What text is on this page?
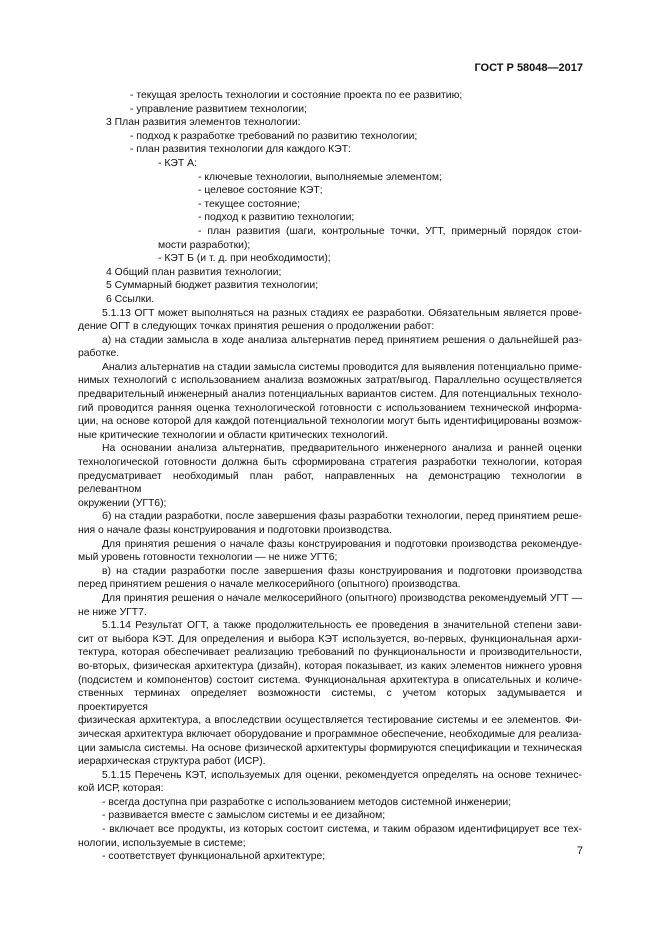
ГОСТ Р 58048—2017
- текущая зрелость технологии и состояние проекта по ее развитию;
- управление развитием технологии;
3 План развития элементов технологии:
- подход к разработке требований по развитию технологии;
- план развития технологии для каждого КЭТ:
- КЭТ А:
- ключевые технологии, выполняемые элементом;
- целевое состояние КЭТ;
- текущее состояние;
- подход к развитию технологии;
- план развития (шаги, контрольные точки, УГТ, примерный порядок стои-
мости разработки);
- КЭТ Б (и т. д. при необходимости);
4 Общий план развития технологии;
5 Суммарный бюджет развития технологии;
6 Ссылки.
5.1.13 ОГТ может выполняться на разных стадиях ее разработки. Обязательным является прове-
дение ОГТ в следующих точках принятия решения о продолжении работ:
а) на стадии замысла в ходе анализа альтернатив перед принятием решения о дальнейшей раз-
работке.
Анализ альтернатив на стадии замысла системы проводится для выявления потенциально приме-
нимых технологий с использованием анализа возможных затрат/выгод. Параллельно осуществляется
предварительный инженерный анализ потенциальных вариантов систем. Для потенциальных техноло-
гий проводится ранняя оценка технологической готовности с использованием технической информа-
ции, на основе которой для каждой потенциальной технологии могут быть идентифицированы возмож-
ные критические технологии и области критических технологий.
На основании анализа альтернатив, предварительного инженерного анализа и ранней оценки
технологической готовности должна быть сформирована стратегия разработки технологии, которая
предусматривает необходимый план работ, направленных на демонстрацию технологии в релевантном
окружении (УГТ6);
б) на стадии разработки, после завершения фазы разработки технологии, перед принятием реше-
ния о начале фазы конструирования и подготовки производства.
Для принятия решения о начале фазы конструирования и подготовки производства рекомендуе-
мый уровень готовности технологии — не ниже УГТ6;
в) на стадии разработки после завершения фазы конструирования и подготовки производства
перед принятием решения о начале мелкосерийного (опытного) производства.
Для принятия решения о начале мелкосерийного (опытного) производства рекомендуемый УГТ —
не ниже УГТ7.
5.1.14 Результат ОГТ, а также продолжительность ее проведения в значительной степени зави-
сит от выбора КЭТ. Для определения и выбора КЭТ используется, во-первых, функциональная архи-
тектура, которая обеспечивает реализацию требований по функциональности и производительности,
во-вторых, физическая архитектура (дизайн), которая показывает, из каких элементов нижнего уровня
(подсистем и компонентов) состоит система. Функциональная архитектура в описательных и количе-
ственных терминах определяет возможности системы, с учетом которых задумывается и проектируется
физическая архитектура, а впоследствии осуществляется тестирование системы и ее элементов. Фи-
зическая архитектура включает оборудование и программное обеспечение, необходимые для реализа-
ции замысла системы. На основе физической архитектуры формируются спецификации и техническая
иерархическая структура работ (ИСР).
5.1.15 Перечень КЭТ, используемых для оценки, рекомендуется определять на основе техничес-
кой ИСР, которая:
- всегда доступна при разработке с использованием методов системной инженерии;
- развивается вместе с замыслом системы и ее дизайном;
- включает все продукты, из которых состоит система, и таким образом идентифицирует все тех-
нологии, используемые в системе;
- соответствует функциональной архитектуре;	7
